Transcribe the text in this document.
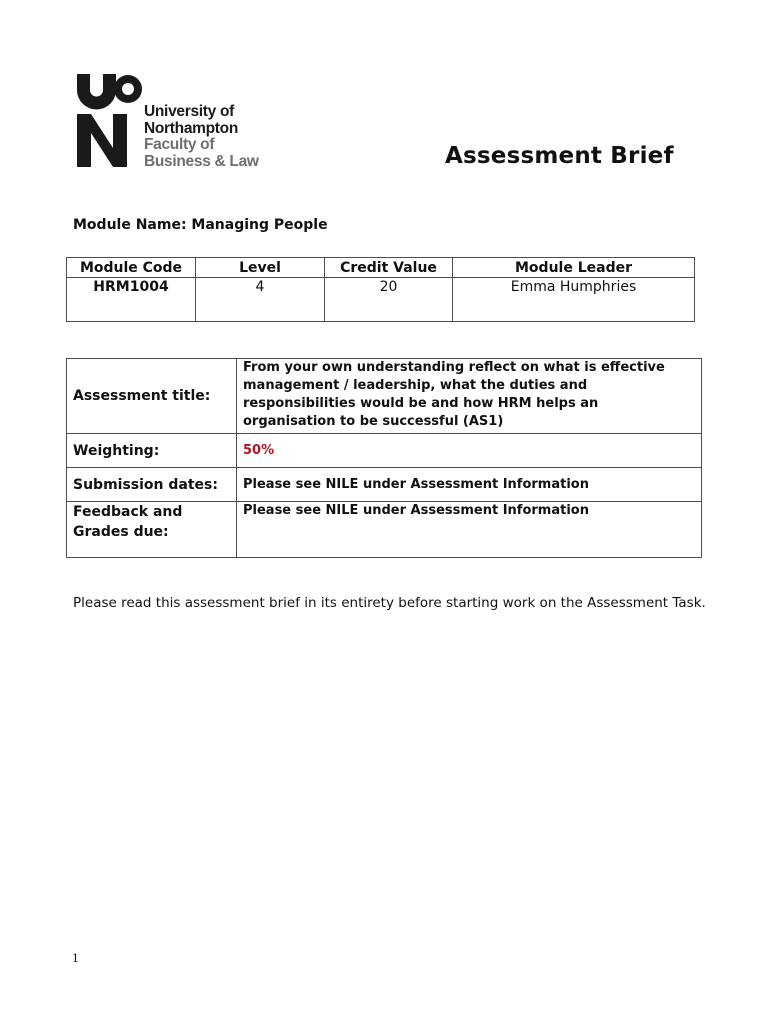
University of
Northampton
Faculty of
Business & Law	Assessment Brief
Module Name: Managing People
Module Code	Level	Credit Value	Module Leader
HRM1004	4	20	Emma Humphries
Assessment title:	From your own understanding reflect on what is effective management / leadership, what the duties and responsibilities would be and how HRM helps an organisation to be successful (AS1)
Weighting:	50%
Submission dates:	Please see NILE under Assessment Information
Feedback and Grades due:	Please see NILE under Assessment Information
Please read this assessment brief in its entirety before starting work on the Assessment Task.
1
